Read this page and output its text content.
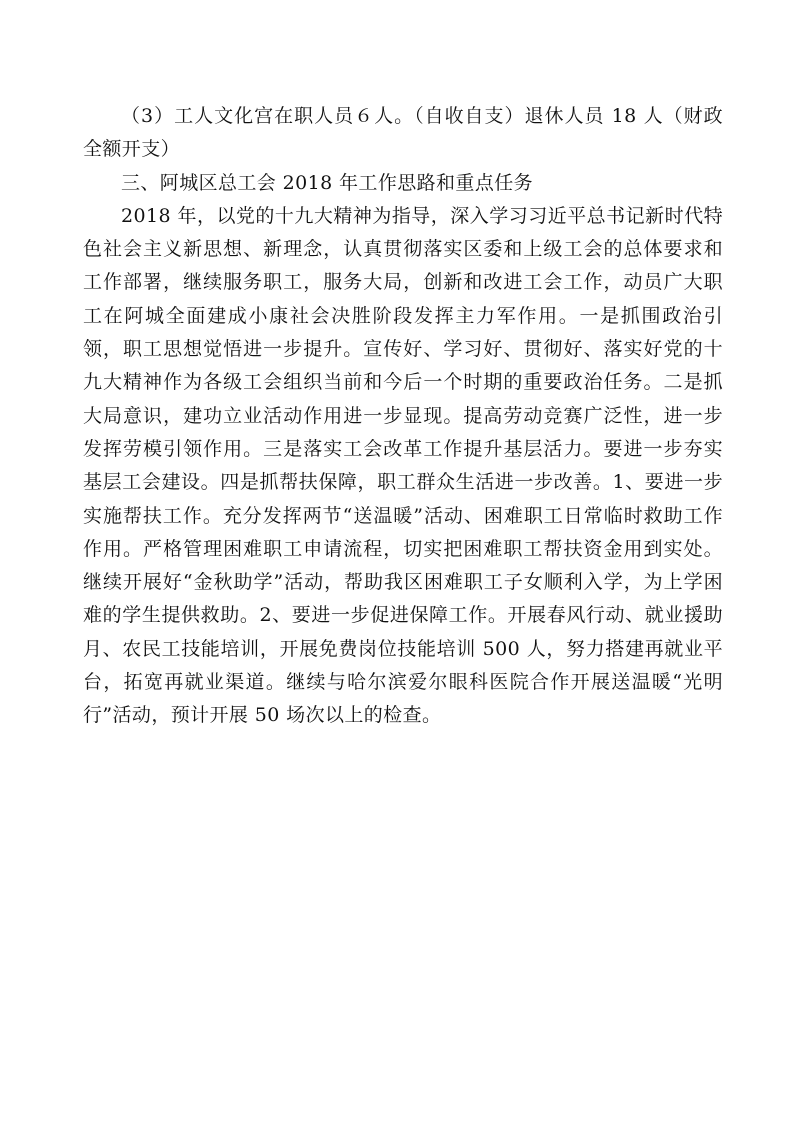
（3）工人文化宫在职人员６人。（自收自支）退休人员 18 人（财政全额开支）

三、阿城区总工会 2018 年工作思路和重点任务

2018 年，以党的十九大精神为指导，深入学习习近平总书记新时代特色社会主义新思想、新理念，认真贯彻落实区委和上级工会的总体要求和工作部署，继续服务职工，服务大局，创新和改进工会工作，动员广大职工在阿城全面建成小康社会决胜阶段发挥主力军作用。一是抓围政治引领，职工思想觉悟进一步提升。宣传好、学习好、贯彻好、落实好党的十九大精神作为各级工会组织当前和今后一个时期的重要政治任务。二是抓大局意识，建功立业活动作用进一步显现。提高劳动竞赛广泛性，进一步发挥劳模引领作用。三是落实工会改革工作提升基层活力。要进一步夯实基层工会建设。四是抓帮扶保障，职工群众生活进一步改善。1、要进一步实施帮扶工作。充分发挥两节“送温暖”活动、困难职工日常临时救助工作作用。严格管理困难职工申请流程，切实把困难职工帮扶资金用到实处。继续开展好“金秋助学”活动，帮助我区困难职工子女顺利入学，为上学困难的学生提供救助。2、要进一步促进保障工作。开展春风行动、就业援助月、农民工技能培训，开展免费岗位技能培训 500 人，努力搭建再就业平台，拓宽再就业渠道。继续与哈尔滨爱尔眼科医院合作开展送温暖“光明行”活动，预计开展 50 场次以上的检查。
